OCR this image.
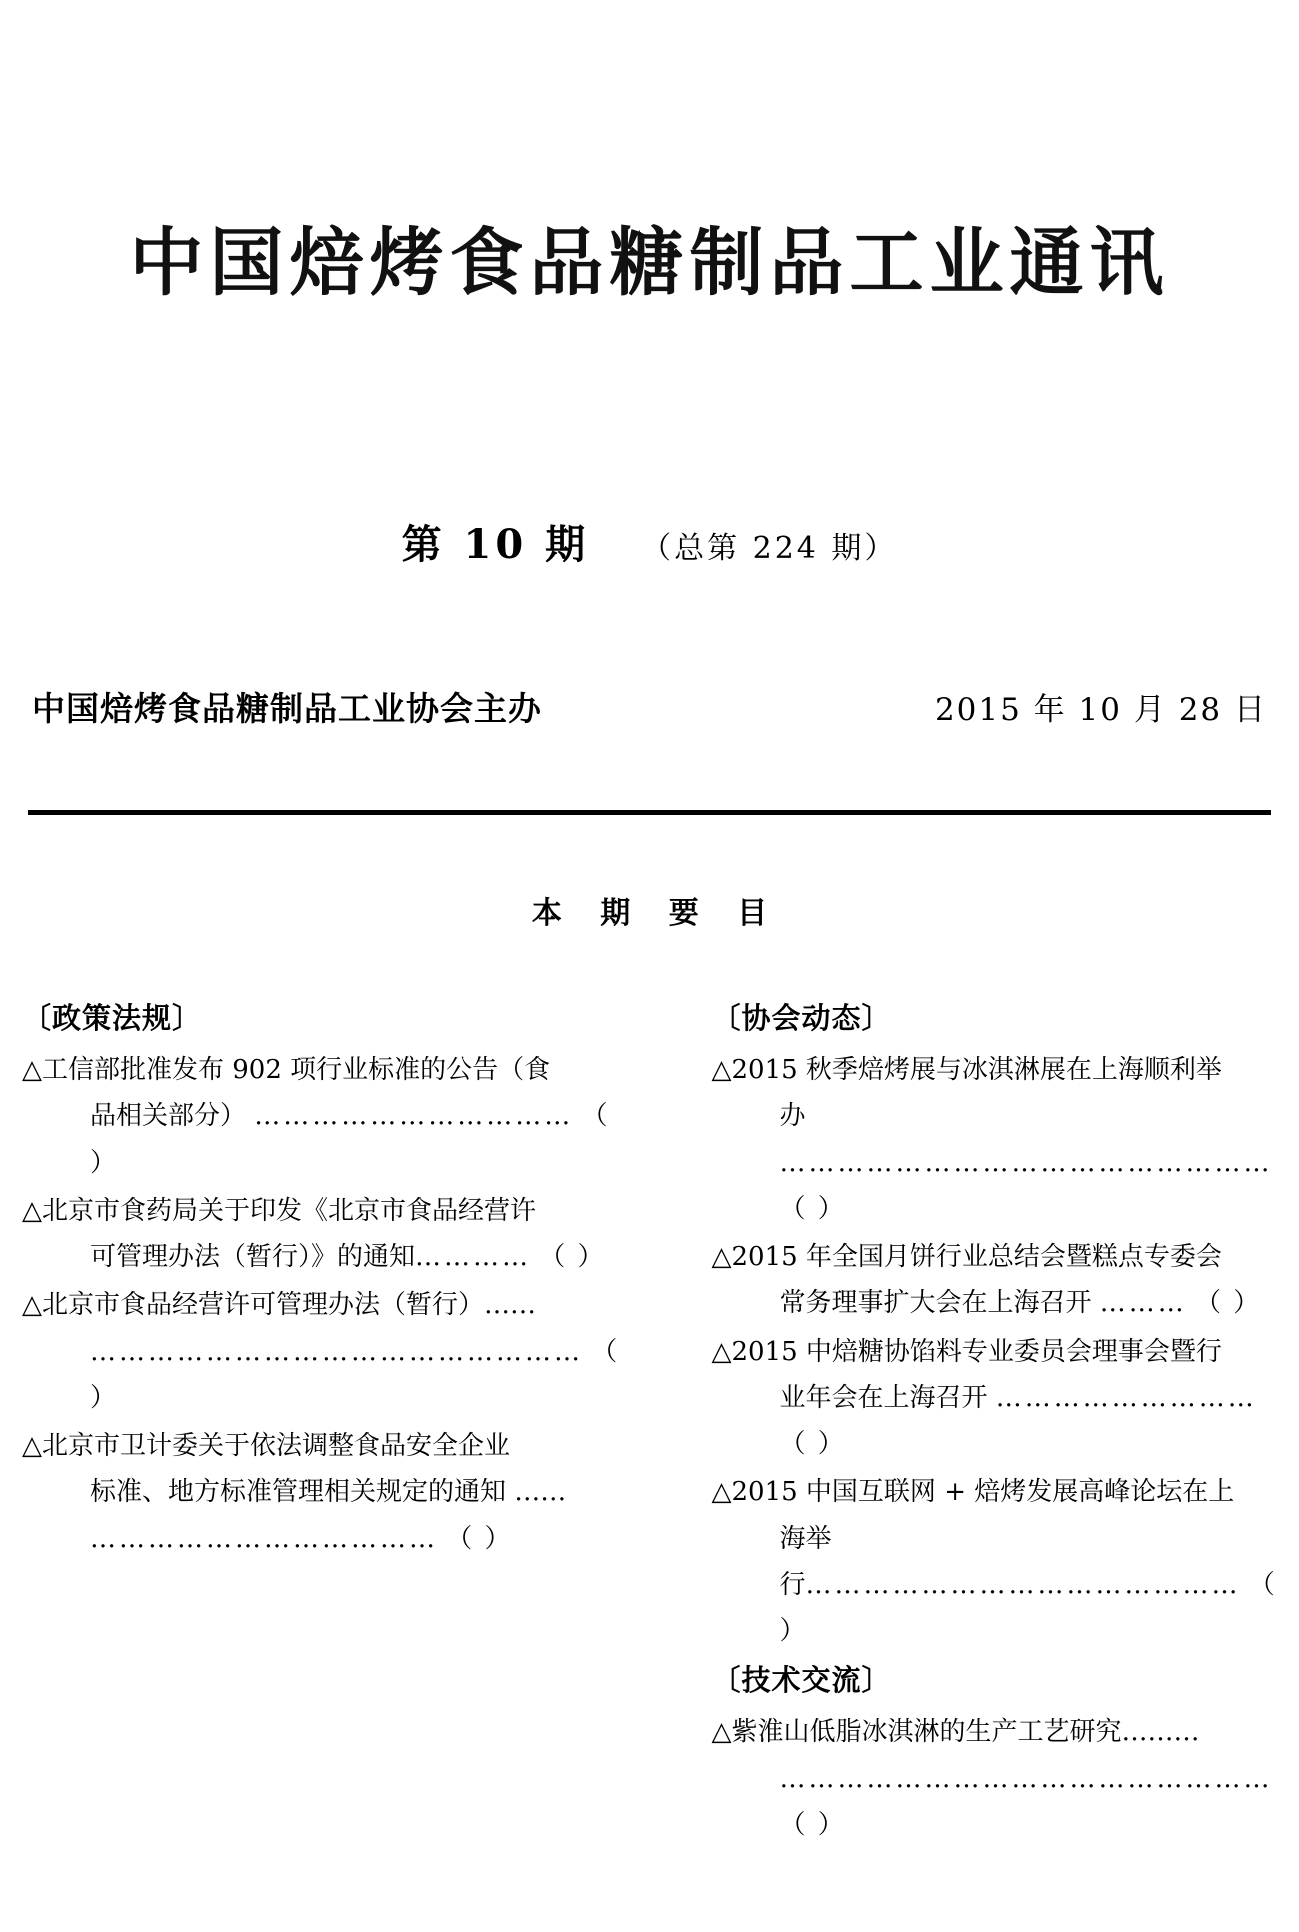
中国焙烤食品糖制品工业通讯
第 10 期 （总第 224 期）
中国焙烤食品糖制品工业协会主办	2015 年 10 月 28 日
本 期 要 目
〔政策法规〕
△工信部批准发布 902 项行业标准的公告（食
品相关部分） …………………………… （ ）
△北京市食药局关于印发《北京市食品经营许
可管理办法（暂行）》的通知………… （ ）
△北京市食品经营许可管理办法（暂行）……
…………………………………………… （ ）
△北京市卫计委关于依法调整食品安全企业
标准、地方标准管理相关规定的通知 ……
……………………………… （ ）
〔协会动态〕
△2015 秋季焙烤展与冰淇淋展在上海顺利举
办 …………………………………………… （ ）
△2015 年全国月饼行业总结会暨糕点专委会
常务理事扩大会在上海召开 ……… （ ）
△2015 中焙糖协馅料专业委员会理事会暨行
业年会在上海召开 ……………………… （ ）
△2015 中国互联网 + 焙烤发展高峰论坛在上
海举行……………………………………… （ ）
〔技术交流〕
△紫淮山低脂冰淇淋的生产工艺研究………
…………………………………………… （ ）
